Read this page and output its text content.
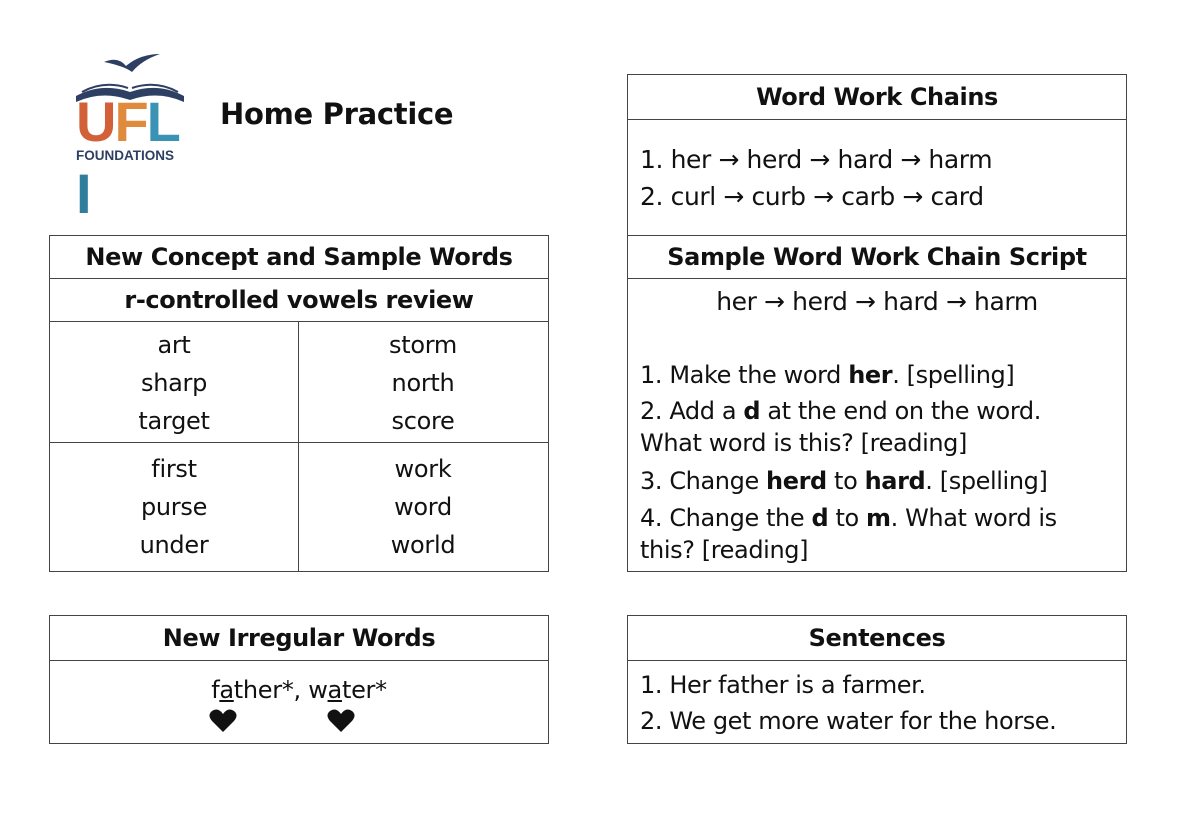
UFLI
FOUNDATIONS
Home Practice
New Concept and Sample Words
r-controlled vowels review
art
sharp
target
storm
north
score
first
purse
under
work
word
world
New Irregular Words
father*, water*
Word Work Chains
1. her → herd → hard → harm
2. curl → curb → carb → card
Sample Word Work Chain Script
her → herd → hard → harm
1. Make the word her. [spelling]
2. Add a d at the end on the word.
What word is this? [reading]
3. Change herd to hard. [spelling]
4. Change the d to m. What word is
this? [reading]
Sentences
1. Her father is a farmer.
2. We get more water for the horse.
